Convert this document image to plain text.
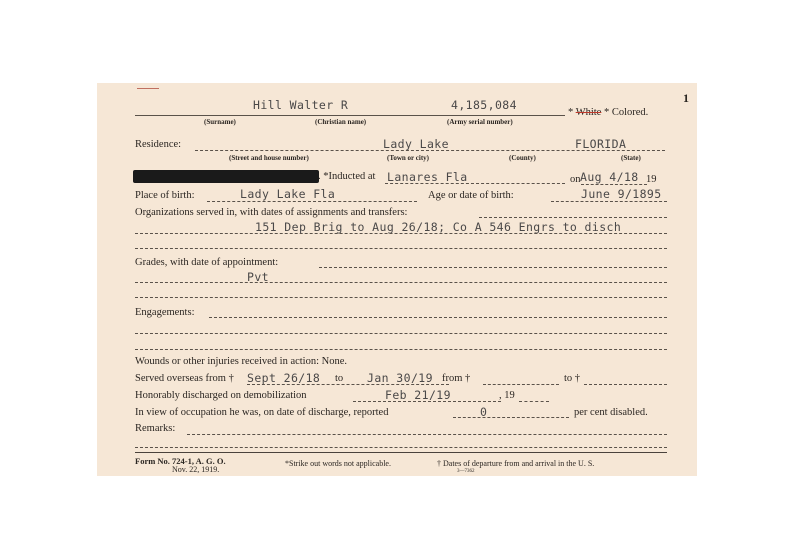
1
Hill Walter R	4,185,084
(Surname)	(Christian name)	(Army serial number)
* White * Colored.
Residence:	Lady Lake	FLORIDA
(Street and house number)	(Town or city)	(County)	(State)
. *Inducted at Lanares Fla	on Aug 4/18 19
Place of birth:	Lady Lake Fla	Age or date of birth:	June 9/1895
Organizations served in, with dates of assignments and transfers:
151 Dep Brig to Aug 26/18; Co A 546 Engrs to disch
Grades, with date of appointment:
Pvt
Engagements:
Wounds or other injuries received in action: None.
Served overseas from † Sept 26/18 to Jan 30/19 from †	to †
Honorably discharged on demobilization	Feb 21/19	, 19
In view of occupation he was, on date of discharge, reported	0	per cent disabled.
Remarks:
Form No. 724-1, A. G. O.
Nov. 22, 1919.
*Strike out words not applicable.	† Dates of departure from and arrival in the U. S.
3—7362
